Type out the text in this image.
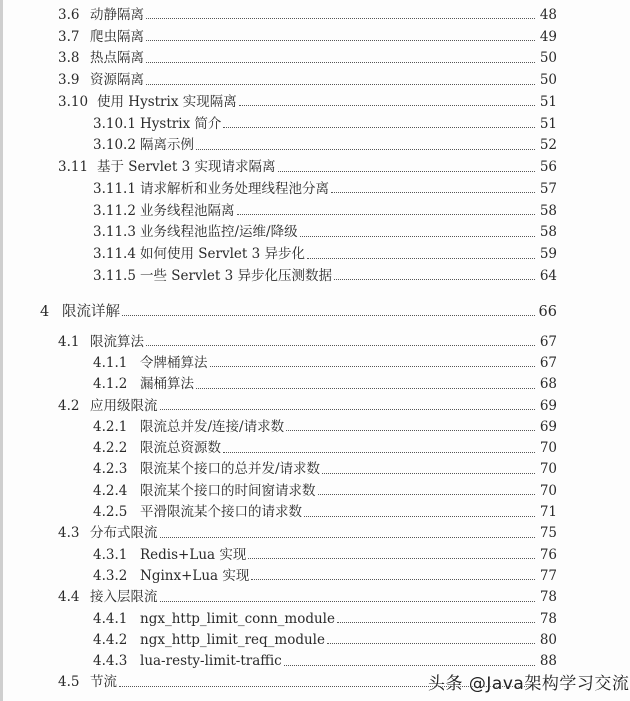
3.6 动静隔离	48
3.7 爬虫隔离	49
3.8 热点隔离	50
3.9 资源隔离	50
3.10 使用 Hystrix 实现隔离	51
3.10.1 Hystrix 简介	51
3.10.2 隔离示例	52
3.11 基于 Servlet 3 实现请求隔离	56
3.11.1 请求解析和业务处理线程池分离	57
3.11.2 业务线程池隔离	58
3.11.3 业务线程池监控/运维/降级	58
3.11.4 如何使用 Servlet 3 异步化	59
3.11.5 一些 Servlet 3 异步化压测数据	64
4 限流详解	66
4.1 限流算法	67
4.1.1 令牌桶算法	67
4.1.2 漏桶算法	68
4.2 应用级限流	69
4.2.1 限流总并发/连接/请求数	69
4.2.2 限流总资源数	70
4.2.3 限流某个接口的总并发/请求数	70
4.2.4 限流某个接口的时间窗请求数	70
4.2.5 平滑限流某个接口的请求数	71
4.3 分布式限流	75
4.3.1 Redis+Lua 实现	76
4.3.2 Nginx+Lua 实现	77
4.4 接入层限流	78
4.4.1 ngx_http_limit_conn_module	78
4.4.2 ngx_http_limit_req_module	80
4.4.3 lua-resty-limit-traffic	88
4.5 节流	头条 @Java架构学习交流
